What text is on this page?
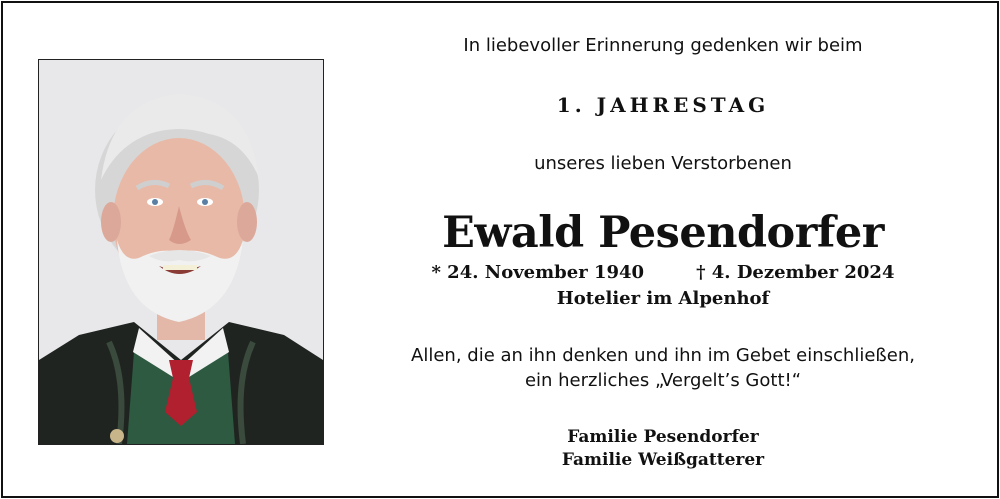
In liebevoller Erinnerung gedenken wir beim
1. JAHRESTAG
unseres lieben Verstorbenen
Ewald Pesendorfer
* 24. November 1940	† 4. Dezember 2024
Hotelier im Alpenhof
Allen, die an ihn denken und ihn im Gebet einschließen,
ein herzliches „Vergelt’s Gott!“
Familie Pesendorfer
Familie Weißgatterer
